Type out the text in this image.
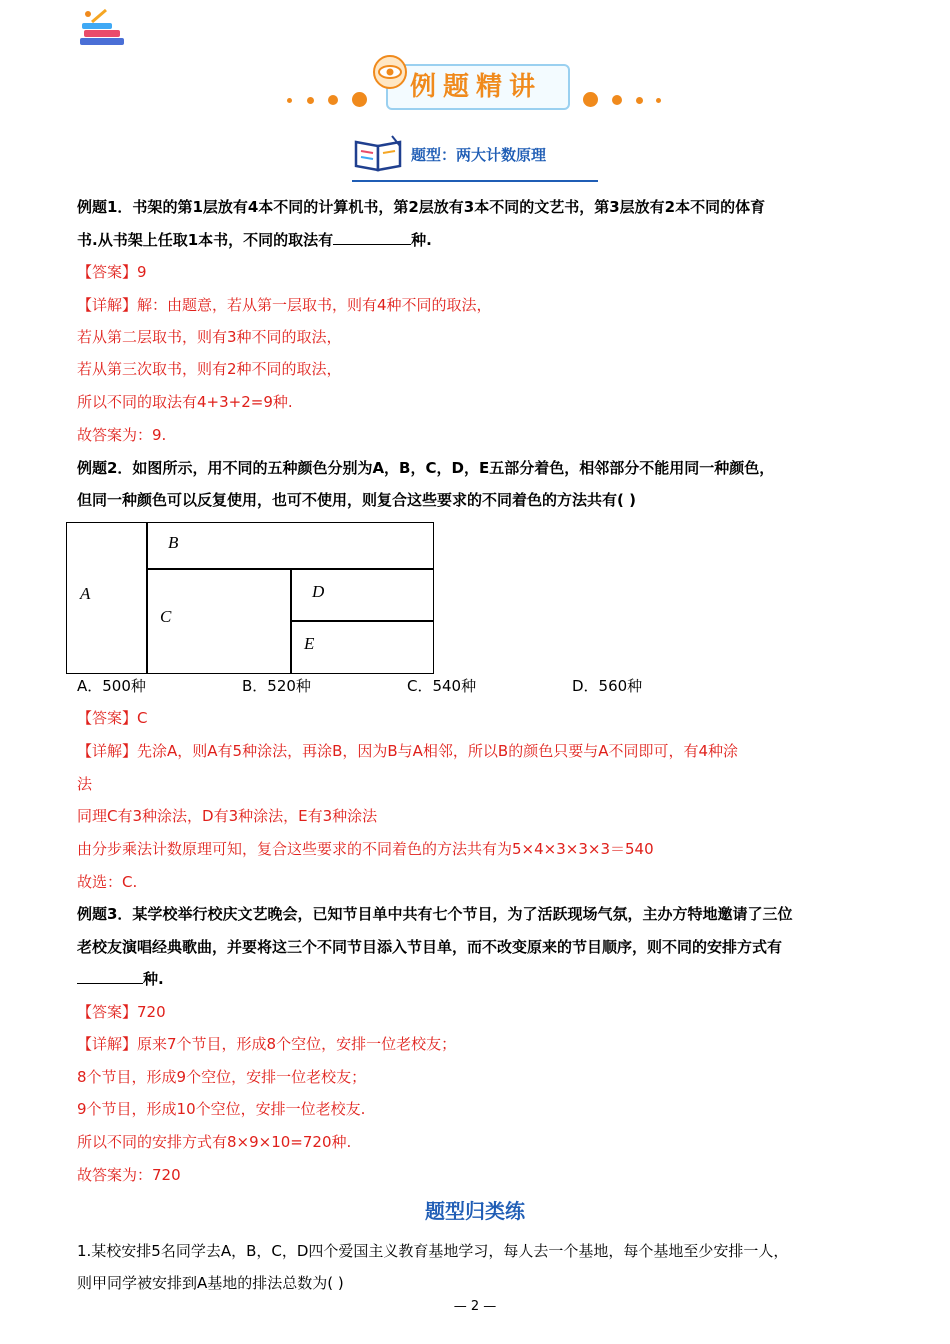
例题精讲
题型：两大计数原理
例题1．书架的第1层放有4本不同的计算机书，第2层放有3本不同的文艺书，第3层放有2本不同的体育
书.从书架上任取1本书，不同的取法有	种.
【答案】9
【详解】解：由题意，若从第一层取书，则有4种不同的取法，
若从第二层取书，则有3种不同的取法，
若从第三次取书，则有2种不同的取法，
所以不同的取法有4+3+2=9种.
故答案为：9.
例题2．如图所示，用不同的五种颜色分别为A，B，C，D，E五部分着色，相邻部分不能用同一种颜色，
但同一种颜色可以反复使用，也可不使用，则复合这些要求的不同着色的方法共有( )
A
B
C
D
E
A．500种	B．520种	C．540种	D．560种
【答案】C
【详解】先涂A，则A有5种涂法，再涂B，因为B与A相邻，所以B的颜色只要与A不同即可，有4种涂
法
同理C有3种涂法，D有3种涂法，E有3种涂法
由分步乘法计数原理可知，复合这些要求的不同着色的方法共有为5×4×3×3×3＝540
故选：C.
例题3．某学校举行校庆文艺晚会，已知节目单中共有七个节目，为了活跃现场气氛，主办方特地邀请了三位
老校友演唱经典歌曲，并要将这三个不同节目添入节目单，而不改变原来的节目顺序，则不同的安排方式有
种.
【答案】720
【详解】原来7个节目，形成8个空位，安排一位老校友；
8个节目，形成9个空位，安排一位老校友；
9个节目，形成10个空位，安排一位老校友.
所以不同的安排方式有8×9×10=720种.
故答案为：720
题型归类练
1.某校安排5名同学去A，B，C，D四个爱国主义教育基地学习，每人去一个基地，每个基地至少安排一人，
则甲同学被安排到A基地的排法总数为( )
— 2 —
